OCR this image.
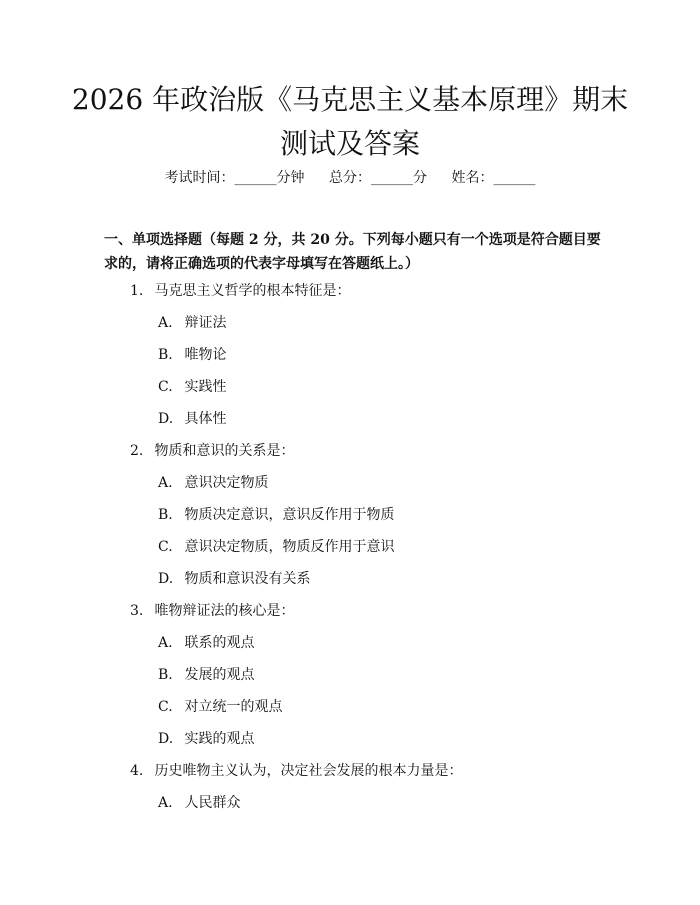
2026 年政治版《马克思主义基本原理》期末测试及答案
考试时间：______分钟 总分：______分 姓名：______
一、单项选择题（每题 2 分，共 20 分。下列每小题只有一个选项是符合题目要求的，请将正确选项的代表字母填写在答题纸上。）
1. 马克思主义哲学的根本特征是：
A. 辩证法
B. 唯物论
C. 实践性
D. 具体性
2. 物质和意识的关系是：
A. 意识决定物质
B. 物质决定意识，意识反作用于物质
C. 意识决定物质，物质反作用于意识
D. 物质和意识没有关系
3. 唯物辩证法的核心是：
A. 联系的观点
B. 发展的观点
C. 对立统一的观点
D. 实践的观点
4. 历史唯物主义认为，决定社会发展的根本力量是：
A. 人民群众
